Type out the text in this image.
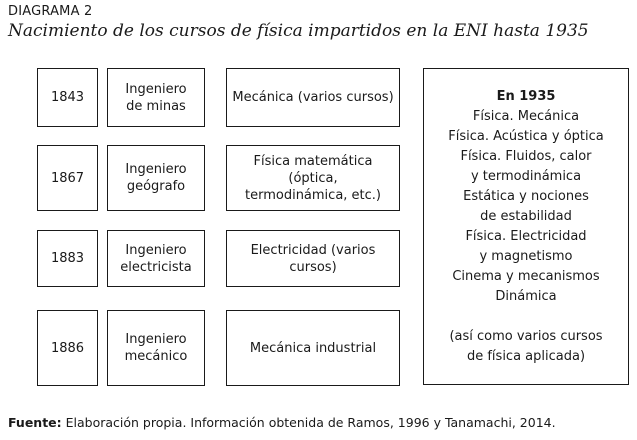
DIAGRAMA 2
Nacimiento de los cursos de física impartidos en la ENI hasta 1935
1843
Ingeniero
de minas
Mecánica (varios cursos)
1867
Ingeniero
geógrafo
Física matemática (óptica,
termodinámica, etc.)
1883
Ingeniero
electricista
Electricidad (varios cursos)
1886
Ingeniero
mecánico
Mecánica industrial
En 1935
Física. Mecánica
Física. Acústica y óptica
Física. Fluidos, calor
y termodinámica
Estática y nociones
de estabilidad
Física. Electricidad
y magnetismo
Cinema y mecanismos
Dinámica
(así como varios cursos
de física aplicada)
Fuente: Elaboración propia. Información obtenida de Ramos, 1996 y Tanamachi, 2014.
